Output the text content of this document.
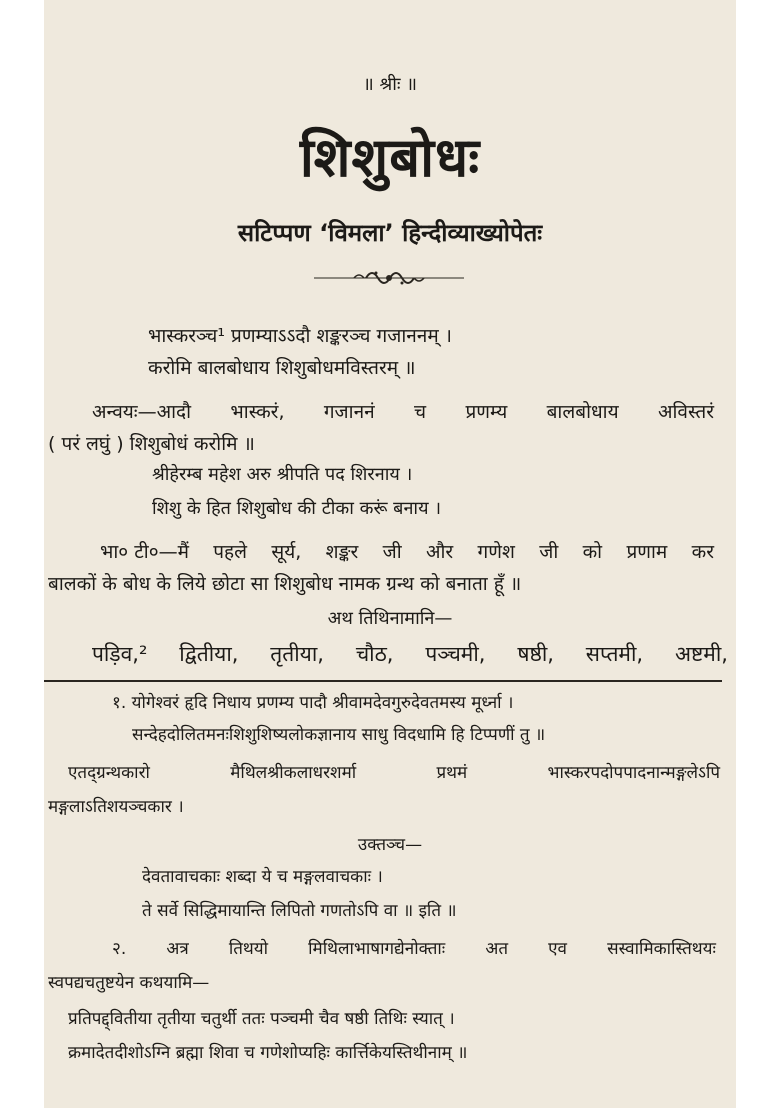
॥ श्रीः ॥
शिशुबोधः
सटिप्पण ‘विमला’ हिन्दीव्याख्योपेतः
भास्करञ्च¹ प्रणम्याऽऽदौ शङ्करञ्च गजाननम् ।
करोमि बालबोधाय शिशुबोधमविस्तरम् ॥
अन्वयः—आदौ भास्करं, गजाननं च प्रणम्य बालबोधाय अविस्तरं
( परं लघुं ) शिशुबोधं करोमि ॥
श्रीहेरम्ब महेश अरु श्रीपति पद शिरनाय ।
शिशु के हित शिशुबोध की टीका करूं बनाय ।
भा० टी०—मैं पहले सूर्य, शङ्कर जी और गणेश जी को प्रणाम कर
बालकों के बोध के लिये छोटा सा शिशुबोध नामक ग्रन्थ को बनाता हूँ ॥
अथ तिथिनामानि—
पड़िव,² द्वितीया, तृतीया, चौठ, पञ्चमी, षष्ठी, सप्तमी, अष्टमी,
१. योगेश्वरं हृदि निधाय प्रणम्य पादौ श्रीवामदेवगुरुदेवतमस्य मूर्ध्ना ।
सन्देहदोलितमनःशिशुशिष्यलोकज्ञानाय साधु विदधामि हि टिप्पणीं तु ॥
एतद्ग्रन्थकारो	मैथिलश्रीकलाधरशर्मा	प्रथमं	भास्करपदोपपादनान्मङ्गलेऽपि
मङ्गलाऽतिशयञ्चकार ।
उक्तञ्च—
देवतावाचकाः शब्दा ये च मङ्गलवाचकाः ।
ते सर्वे सिद्धिमायान्ति लिपितो गणतोऽपि वा ॥ इति ॥
२. अत्र तिथयो मिथिलाभाषागद्येनोक्ताः अत एव सस्वामिकास्तिथयः
स्वपद्यचतुष्टयेन कथयामि—
प्रतिपद्द्वितीया तृतीया चतुर्थी ततः पञ्चमी चैव षष्ठी तिथिः स्यात् ।
क्रमादेतदीशोऽग्नि ब्रह्मा शिवा च गणेशोप्यहिः कार्त्तिकेयस्तिथीनाम् ॥
